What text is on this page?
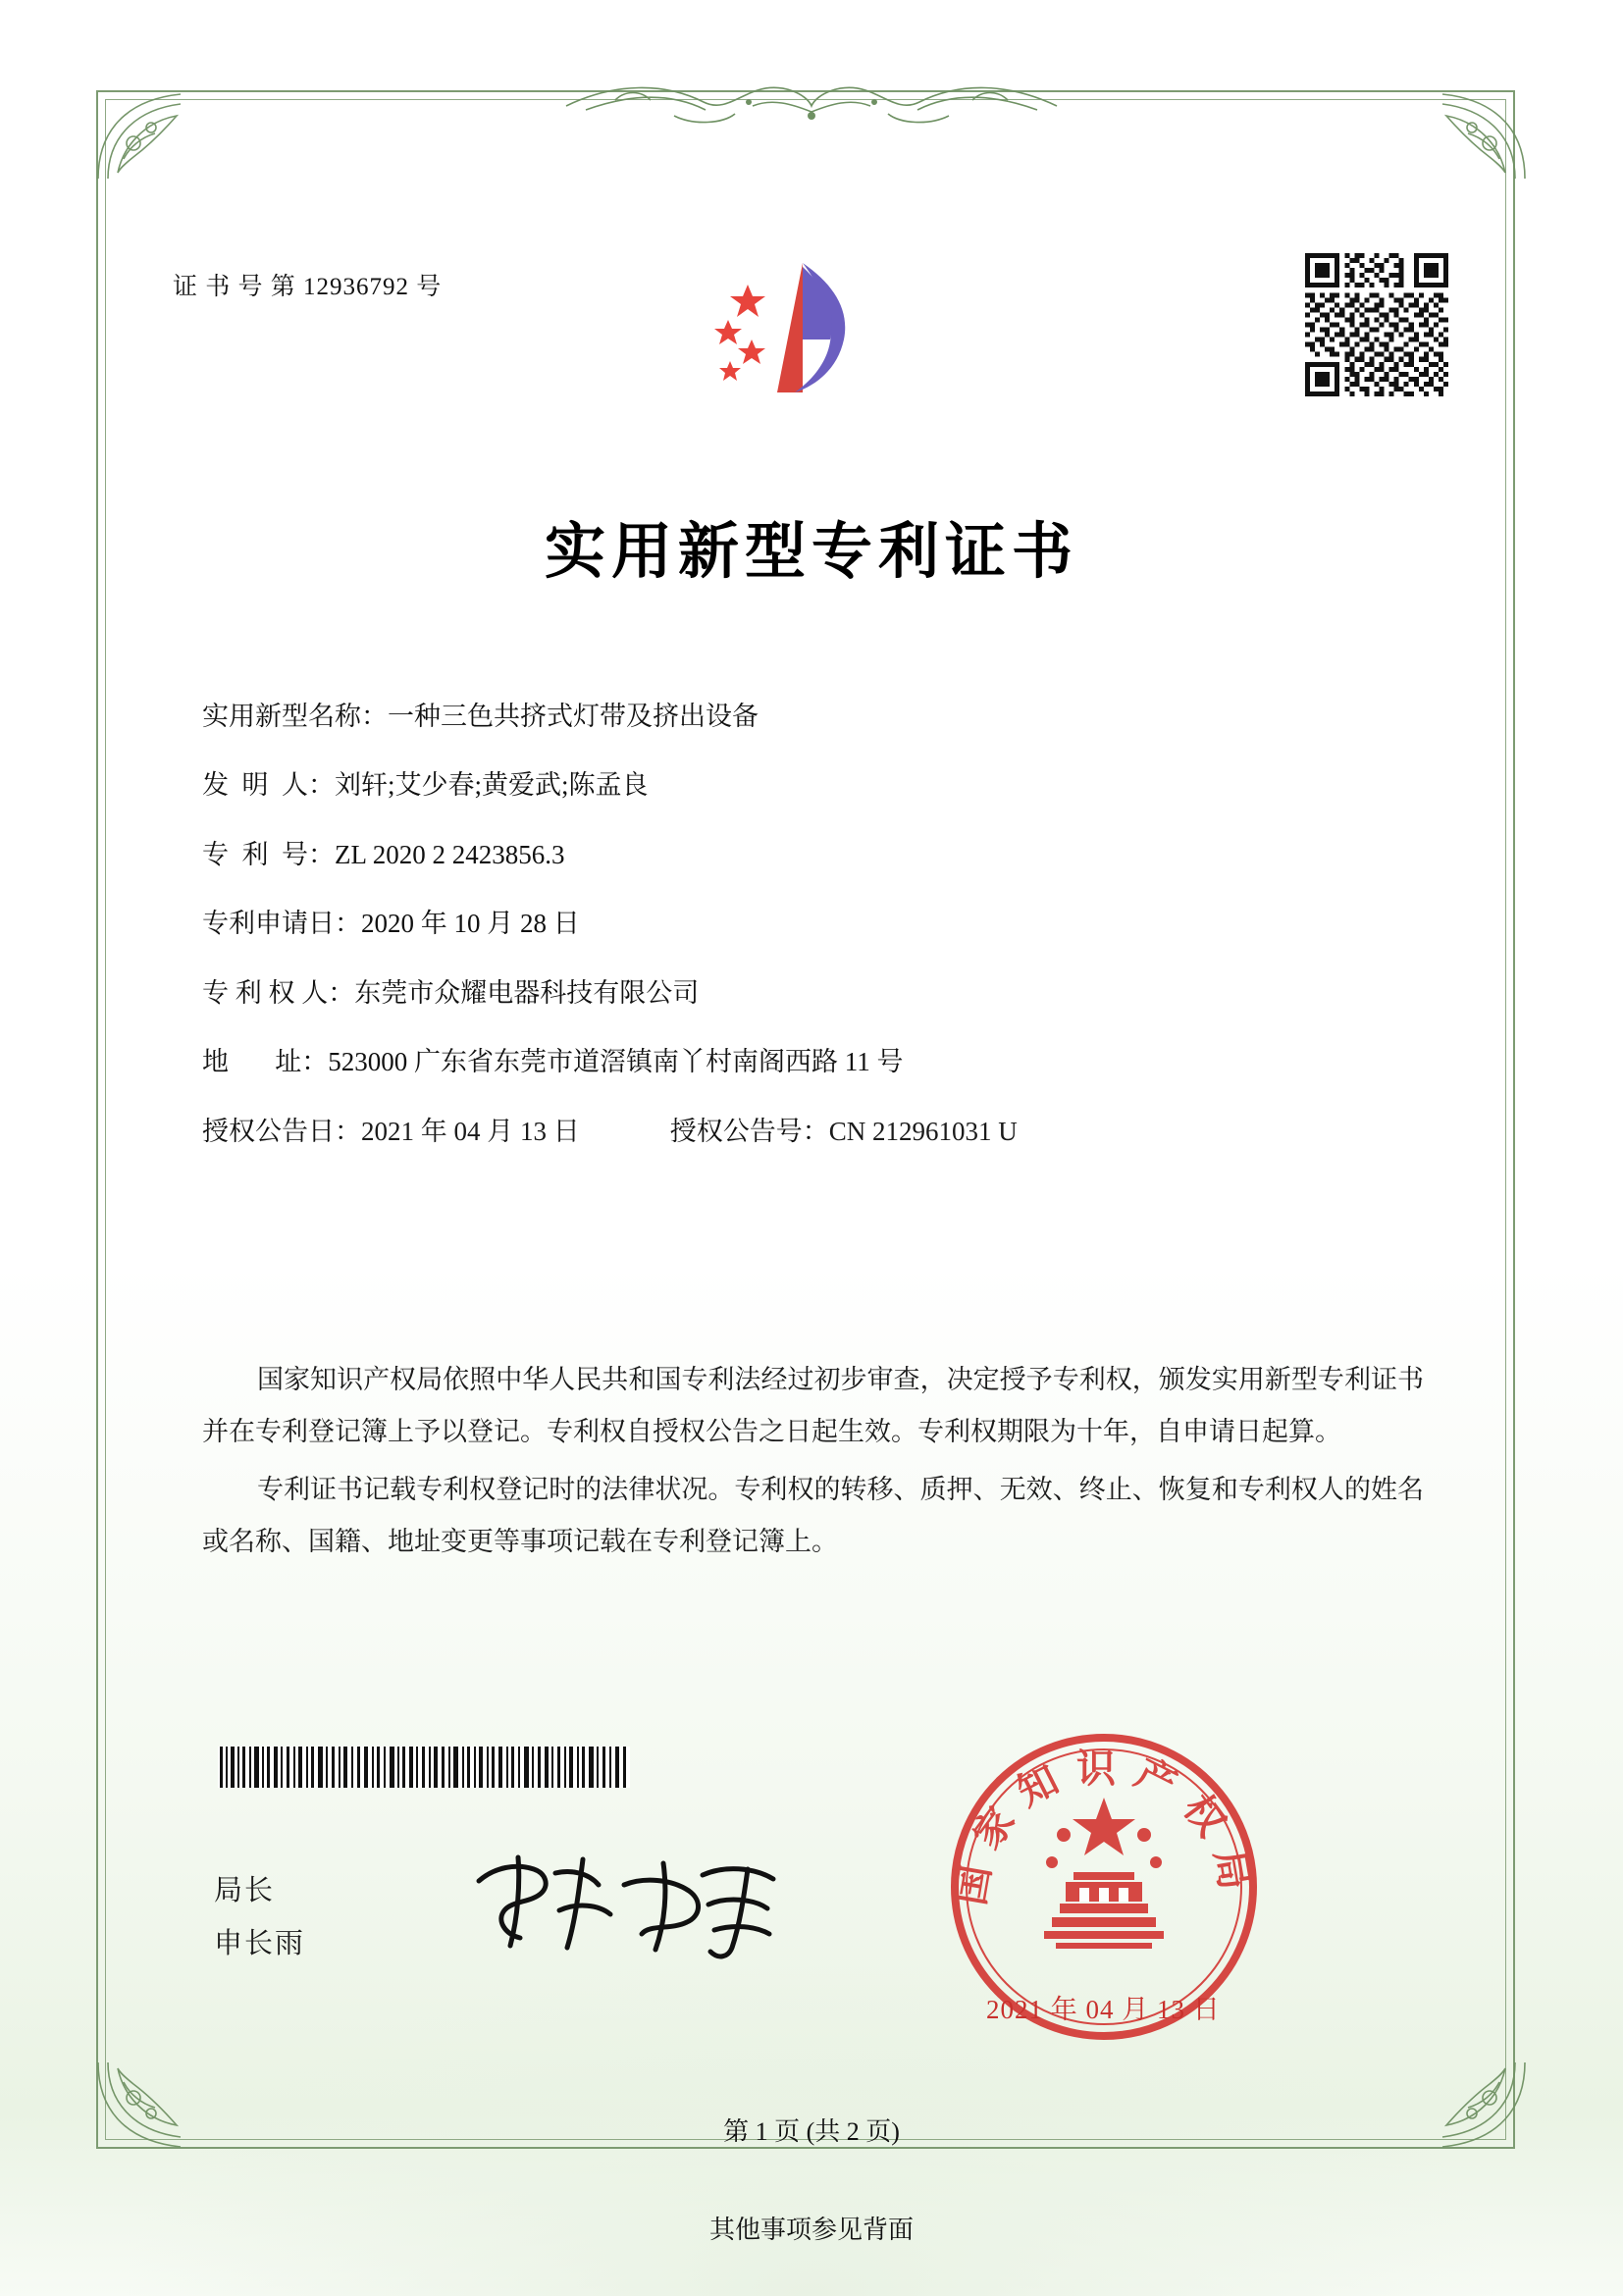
证 书 号 第 12936792 号
实用新型专利证书
实用新型名称： 一种三色共挤式灯带及挤出设备
发  明  人： 刘轩;艾少春;黄爱武;陈孟良
专  利  号： ZL 2020 2 2423856.3
专利申请日： 2020 年 10 月 28 日
专 利 权 人： 东莞市众耀电器科技有限公司
地       址： 523000 广东省东莞市道滘镇南丫村南阁西路 11 号
授权公告日： 2021 年 04 月 13 日	授权公告号： CN 212961031 U

国家知识产权局依照中华人民共和国专利法经过初步审查，决定授予专利权，颁发实用新型专利证书并在专利登记簿上予以登记。专利权自授权公告之日起生效。专利权期限为十年，自申请日起算。

专利证书记载专利权登记时的法律状况。专利权的转移、质押、无效、终止、恢复和专利权人的姓名或名称、国籍、地址变更等事项记载在专利登记簿上。

局长
申长雨
国家知识产权局
2021 年 04 月 13 日
第 1 页 (共 2 页)
其他事项参见背面
